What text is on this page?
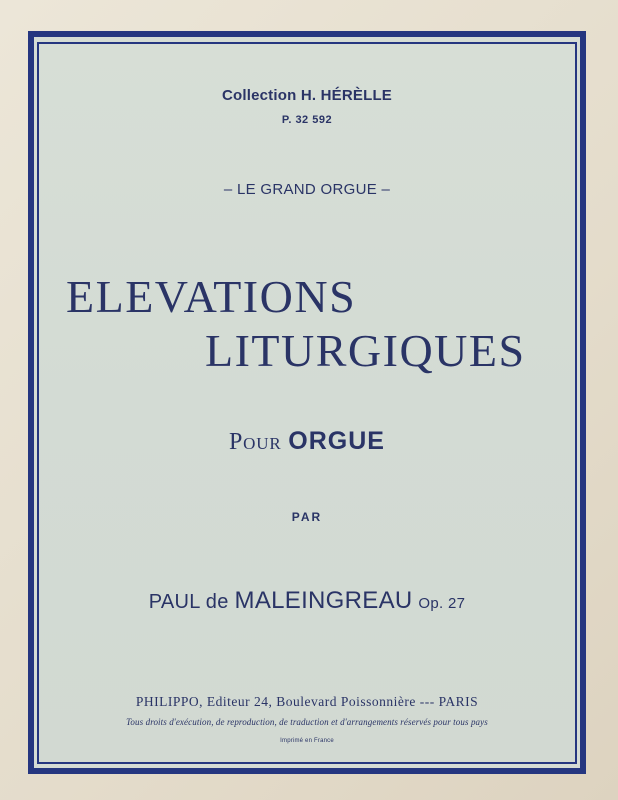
Collection H. HÉRÈLLE
P. 32 592
– LE GRAND ORGUE –
ELEVATIONS
LITURGIQUES
Pour ORGUE
PAR
PAUL de MALEINGREAU Op. 27
PHILIPPO, Editeur 24, Boulevard Poissonnière --- PARIS
Tous droits d'exécution, de reproduction, de traduction et d'arrangements réservés pour tous pays
Imprimé en France
